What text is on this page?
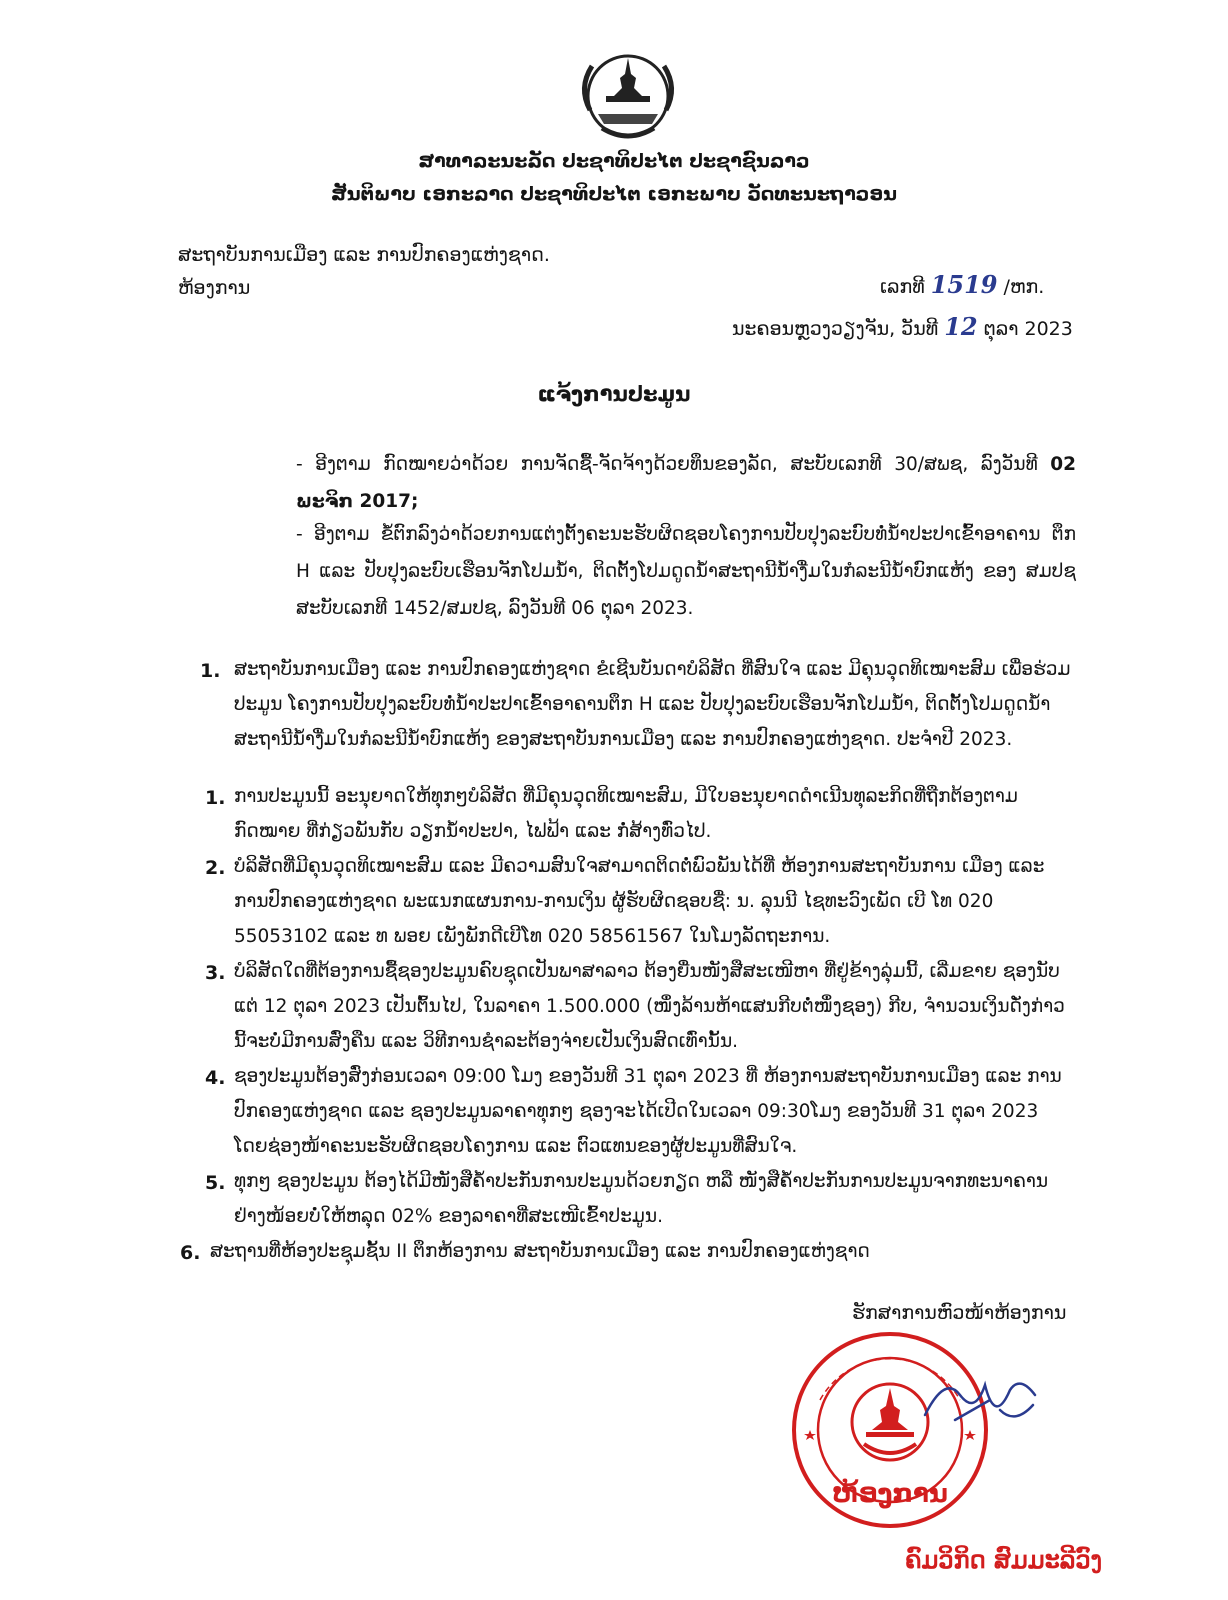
ສາທາລະນະລັດ ປະຊາທິປະໄຕ ປະຊາຊົນລາວ
ສັນຕິພາບ ເອກະລາດ ປະຊາທິປະໄຕ ເອກະພາບ ວັດທະນະຖາວອນ
ສະຖາບັນການເມືອງ ແລະ ການປົກຄອງແຫ່ງຊາດ.
ຫ້ອງການ	ເລກທີ 1519 /ຫກ.
ນະຄອນຫຼວງວຽງຈັນ, ວັນທີ 12 ຕຸລາ 2023
ແຈ້ງການປະມູນ
- ອີງຕາມ ກົດໝາຍວ່າດ້ວຍ ການຈັດຊື້-ຈັດຈ້າງດ້ວຍທຶນຂອງລັດ, ສະບັບເລກທີ 30/ສພຊ, ລົງວັນທີ 02 ພະຈິກ 2017;
- ອີງຕາມ ຂໍ້ຕົກລົງວ່າດ້ວຍການແຕ່ງຕັ້ງຄະນະຮັບຜິດຊອບໂຄງການປັບປຸງລະບົບທໍ່ນໍ້າປະປາເຂົ້າອາຄານ ຕຶກ H ແລະ ປັບປຸງລະບົບເຮືອນຈັກໂປມນໍ້າ, ຕິດຕັ້ງໂປມດູດນໍ້າສະຖານີນໍ້າງື່ມໃນກໍລະນີນໍ້າບົກແຫ້ງ ຂອງ ສມປຊ ສະບັບເລກທີ 1452/ສມປຊ, ລົງວັນທີ 06 ຕຸລາ 2023.
1. ສະຖາບັນການເມືອງ ແລະ ການປົກຄອງແຫ່ງຊາດ ຂໍເຊີນບັນດາບໍລິສັດ ທີ່ສົນໃຈ ແລະ ມີຄຸນວຸດທິເໝາະສົມ ເພື່ອຮ່ວມປະມູນ ໂຄງການປັບປຸງລະບົບທໍ່ນໍ້າປະປາເຂົ້າອາຄານຕຶກ H ແລະ ປັບປຸງລະບົບເຮືອນຈັກໂປມນໍ້າ, ຕິດຕັ້ງໂປມດູດນໍ້າສະຖານີນໍ້າງື່ມໃນກໍລະນີນໍ້າບົກແຫ້ງ ຂອງສະຖາບັນການເມືອງ ແລະ ການປົກຄອງແຫ່ງຊາດ. ປະຈໍາປີ 2023.
1. ການປະມູນນີ້ ອະນຸຍາດໃຫ້ທຸກໆບໍລິສັດ ທີ່ມີຄຸນວຸດທິເໝາະສົມ, ມີໃບອະນຸຍາດດໍາເນີນທຸລະກິດທີ່ຖືກຕ້ອງຕາມກົດໝາຍ ທີ່ກ່ຽວພັນກັບ ວຽກນໍ້າປະປາ, ໄຟຟ້າ ແລະ ກໍ່ສ້າງທົ່ວໄປ.
2. ບໍລິສັດທີ່ມີຄຸນວຸດທິເໝາະສົມ ແລະ ມີຄວາມສົນໃຈສາມາດຕິດຕໍ່ພົວພັນໄດ້ທີ່ ຫ້ອງການສະຖາບັນການ ເມືອງ ແລະ ການປົກຄອງແຫ່ງຊາດ ພະແນກແຜນການ-ການເງິນ ຜູ້ຮັບຜິດຊອບຊື່: ນ. ລຸນນີ ໄຊທະວົງເພັດ ເບີ ໂທ 020 55053102 ແລະ ທ ພອຍ ເພັງພັກດີເບີໂທ 020 58561567 ໃນໂມງລັດຖະການ.
3. ບໍລິສັດໃດທີ່ຕ້ອງການຊື້ຊອງປະມູນຄົບຊຸດເປັນພາສາລາວ ຕ້ອງຍື່ນໜັງສືສະເໜີຫາ ທີ່ຢູ່ຂ້າງລຸ່ມນີ້, ເລີ່ມຂາຍ ຊອງນັບແຕ່ 12 ຕຸລາ 2023 ເປັນຕົ້ນໄປ, ໃນລາຄາ 1.500.000 (ໜຶ່ງລ້ານຫ້າແສນກີບຕໍ່ໜຶ່ງຊອງ) ກີບ, ຈໍານວນເງິນດັ່ງກ່າວນີ້ຈະບໍ່ມີການສົ່ງຄືນ ແລະ ວິທີການຊໍາລະຕ້ອງຈ່າຍເປັນເງິນສົດເທົ່ານັ້ນ.
4. ຊອງປະມູນຕ້ອງສົ່ງກ່ອນເວລາ 09:00 ໂມງ ຂອງວັນທີ 31 ຕຸລາ 2023 ທີ່ ຫ້ອງການສະຖາບັນການເມືອງ ແລະ ການປົກຄອງແຫ່ງຊາດ ແລະ ຊອງປະມູນລາຄາທຸກໆ ຊອງຈະໄດ້ເປີດໃນເວລາ 09:30ໂມງ ຂອງວັນທີ 31 ຕຸລາ 2023 ໂດຍຊ່ອງໜ້າຄະນະຮັບຜິດຊອບໂຄງການ ແລະ ຕົວແທນຂອງຜູ້ປະມູນທີ່ສົນໃຈ.
5. ທຸກໆ ຊອງປະມູນ ຕ້ອງໄດ້ມີໜັງສືຄໍ້າປະກັນການປະມູນດ້ວຍກຽດ ຫລື ໜັງສືຄໍ້າປະກັນການປະມູນຈາກທະນາຄານ ຢ່າງໜ້ອຍບໍ່ໃຫ້ຫລຸດ 02% ຂອງລາຄາທີ່ສະເໜີເຂົ້າປະມູນ.
6. ສະຖານທີ່ຫ້ອງປະຊຸມຊັ້ນ II ຕຶກຫ້ອງການ ສະຖາບັນການເມືອງ ແລະ ການປົກຄອງແຫ່ງຊາດ
ຮັກສາການຫົວໜ້າຫ້ອງການ
ຫ້ອງການ
ຄົມວິກິດ ສົມມະລີວົງ
